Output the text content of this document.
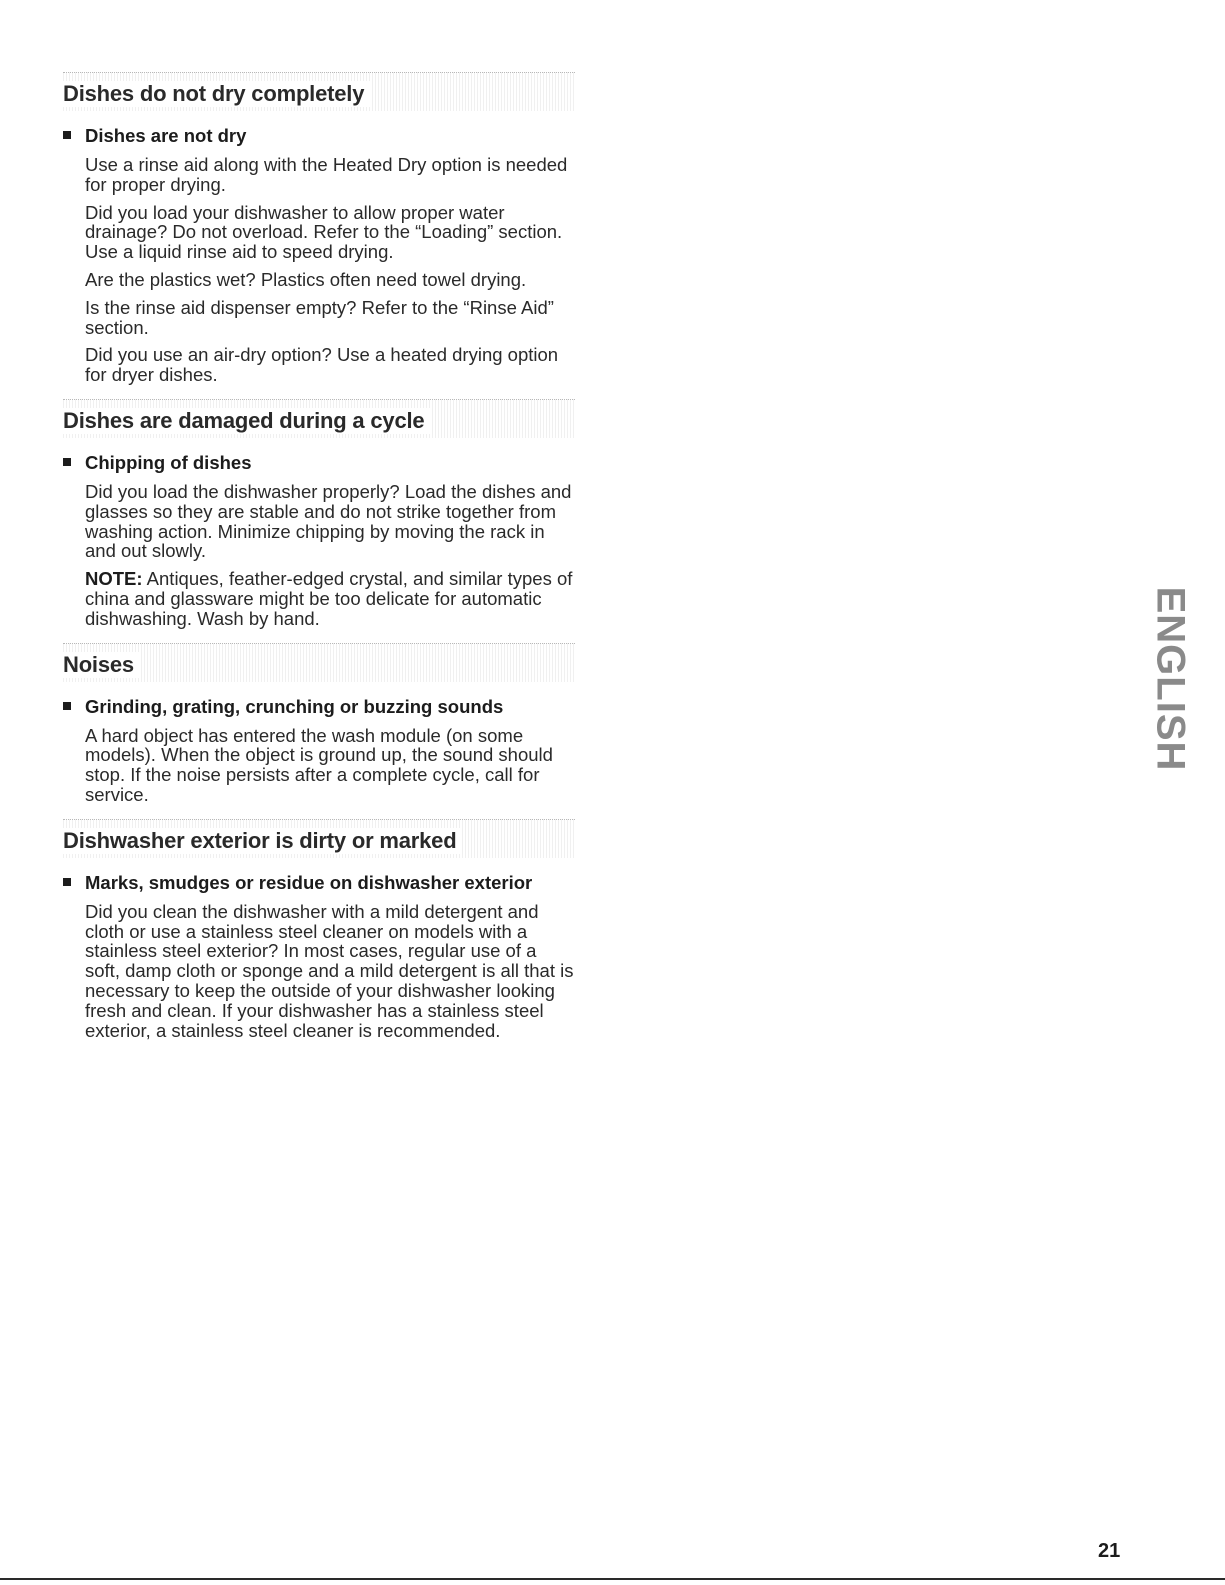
Dishes do not dry completely
Dishes are not dry

Use a rinse aid along with the Heated Dry option is needed for proper drying.

Did you load your dishwasher to allow proper water drainage? Do not overload. Refer to the “Loading” section. Use a liquid rinse aid to speed drying.

Are the plastics wet? Plastics often need towel drying.

Is the rinse aid dispenser empty? Refer to the “Rinse Aid” section.

Did you use an air-dry option? Use a heated drying option for dryer dishes.

Dishes are damaged during a cycle
Chipping of dishes

Did you load the dishwasher properly? Load the dishes and glasses so they are stable and do not strike together from washing action. Minimize chipping by moving the rack in and out slowly.

NOTE: Antiques, feather-edged crystal, and similar types of china and glassware might be too delicate for automatic dishwashing. Wash by hand.

Noises
Grinding, grating, crunching or buzzing sounds

A hard object has entered the wash module (on some models). When the object is ground up, the sound should stop. If the noise persists after a complete cycle, call for service.

Dishwasher exterior is dirty or marked
Marks, smudges or residue on dishwasher exterior

Did you clean the dishwasher with a mild detergent and cloth or use a stainless steel cleaner on models with a stainless steel exterior? In most cases, regular use of a soft, damp cloth or sponge and a mild detergent is all that is necessary to keep the outside of your dishwasher looking fresh and clean. If your dishwasher has a stainless steel exterior, a stainless steel cleaner is recommended.

ENGLISH
21
